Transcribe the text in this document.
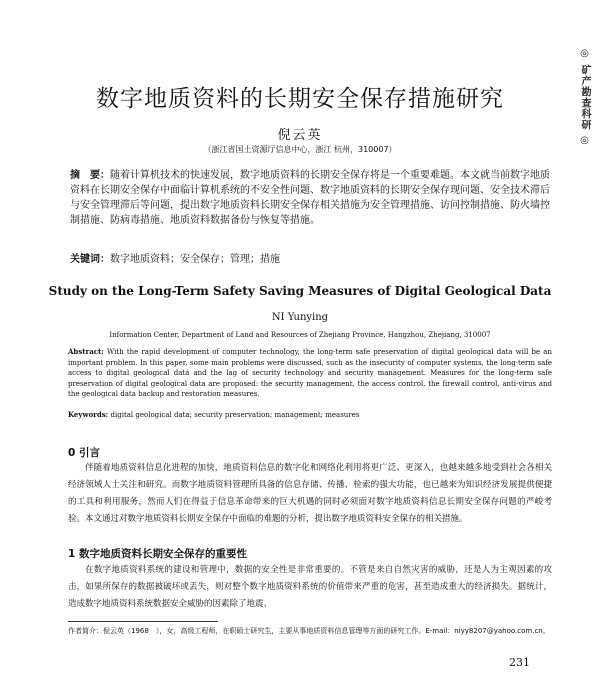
◎ 矿产勘查科研 ◎
数字地质资料的长期安全保存措施研究
倪云英
（浙江省国土资源厅信息中心，浙江 杭州，310007）
摘　要：随着计算机技术的快速发展，数字地质资料的长期安全保存将是一个重要难题。本文就当前数字地质资料在长期安全保存中面临计算机系统的不安全性问题、数字地质资料的长期安全保存现问题、安全技术滞后与安全管理滞后等问题，提出数字地质资料长期安全保存相关措施为安全管理措施、访问控制措施、防火墙控制措施、防病毒措施、地质资料数据备份与恢复等措施。
关键词：数字地质资料；安全保存；管理；措施
Study on the Long-Term Safety Saving Measures of Digital Geological Data
NI Yunying
Information Center, Department of Land and Resources of Zhejiang Province, Hangzhou, Zhejiang, 310007
Abstract: With the rapid development of computer technology, the long-term safe preservation of digital geological data will be an important problem. In this paper, some main problems were discussed, such as the insecurity of computer systems, the long-term safe access to digital geological data and the lag of security technology and security management. Measures for the long-term safe preservation of digital geological data are proposed: the security management, the access control, the firewall control, anti-virus and the geological data backup and restoration measures.
Keywords: digital geological data; security preservation; management; measures
0 引言
伴随着地质资料信息化进程的加快，地质资料信息的数字化和网络化利用将更广泛、更深入，也越来越多地受到社会各相关经济领域人士关注和研究。而数字地质资料管理所具备的信息存储、传播、检索的强大功能，也已越来为知识经济发展提供便捷的工具和利用服务，然而人们在得益于信息革命带来的巨大机遇的同时必须面对数字地质资料信息长期安全保存问题的严峻考验。本文通过对数字地质资料长期安全保存中面临的难题的分析，提出数字地质资料安全保存的相关措施。
1 数字地质资料长期安全保存的重要性
在数字地质资料系统的建设和管理中，数据的安全性是非常重要的。不管是来自自然灾害的威胁，还是人为主观因素的攻击，如果所保存的数据被破坏或丢失，则对整个数字地质资料系统的价值带来严重的危害，甚至造成重大的经济损失。据统计，造成数字地质资料系统数据安全威胁的因素除了地震、
作者简介：倪云英（1968　），女，高级工程师，在职硕士研究生，主要从事地质资料信息管理等方面的研究工作。E-mail：niyy8207@yahoo.com.cn。
231
